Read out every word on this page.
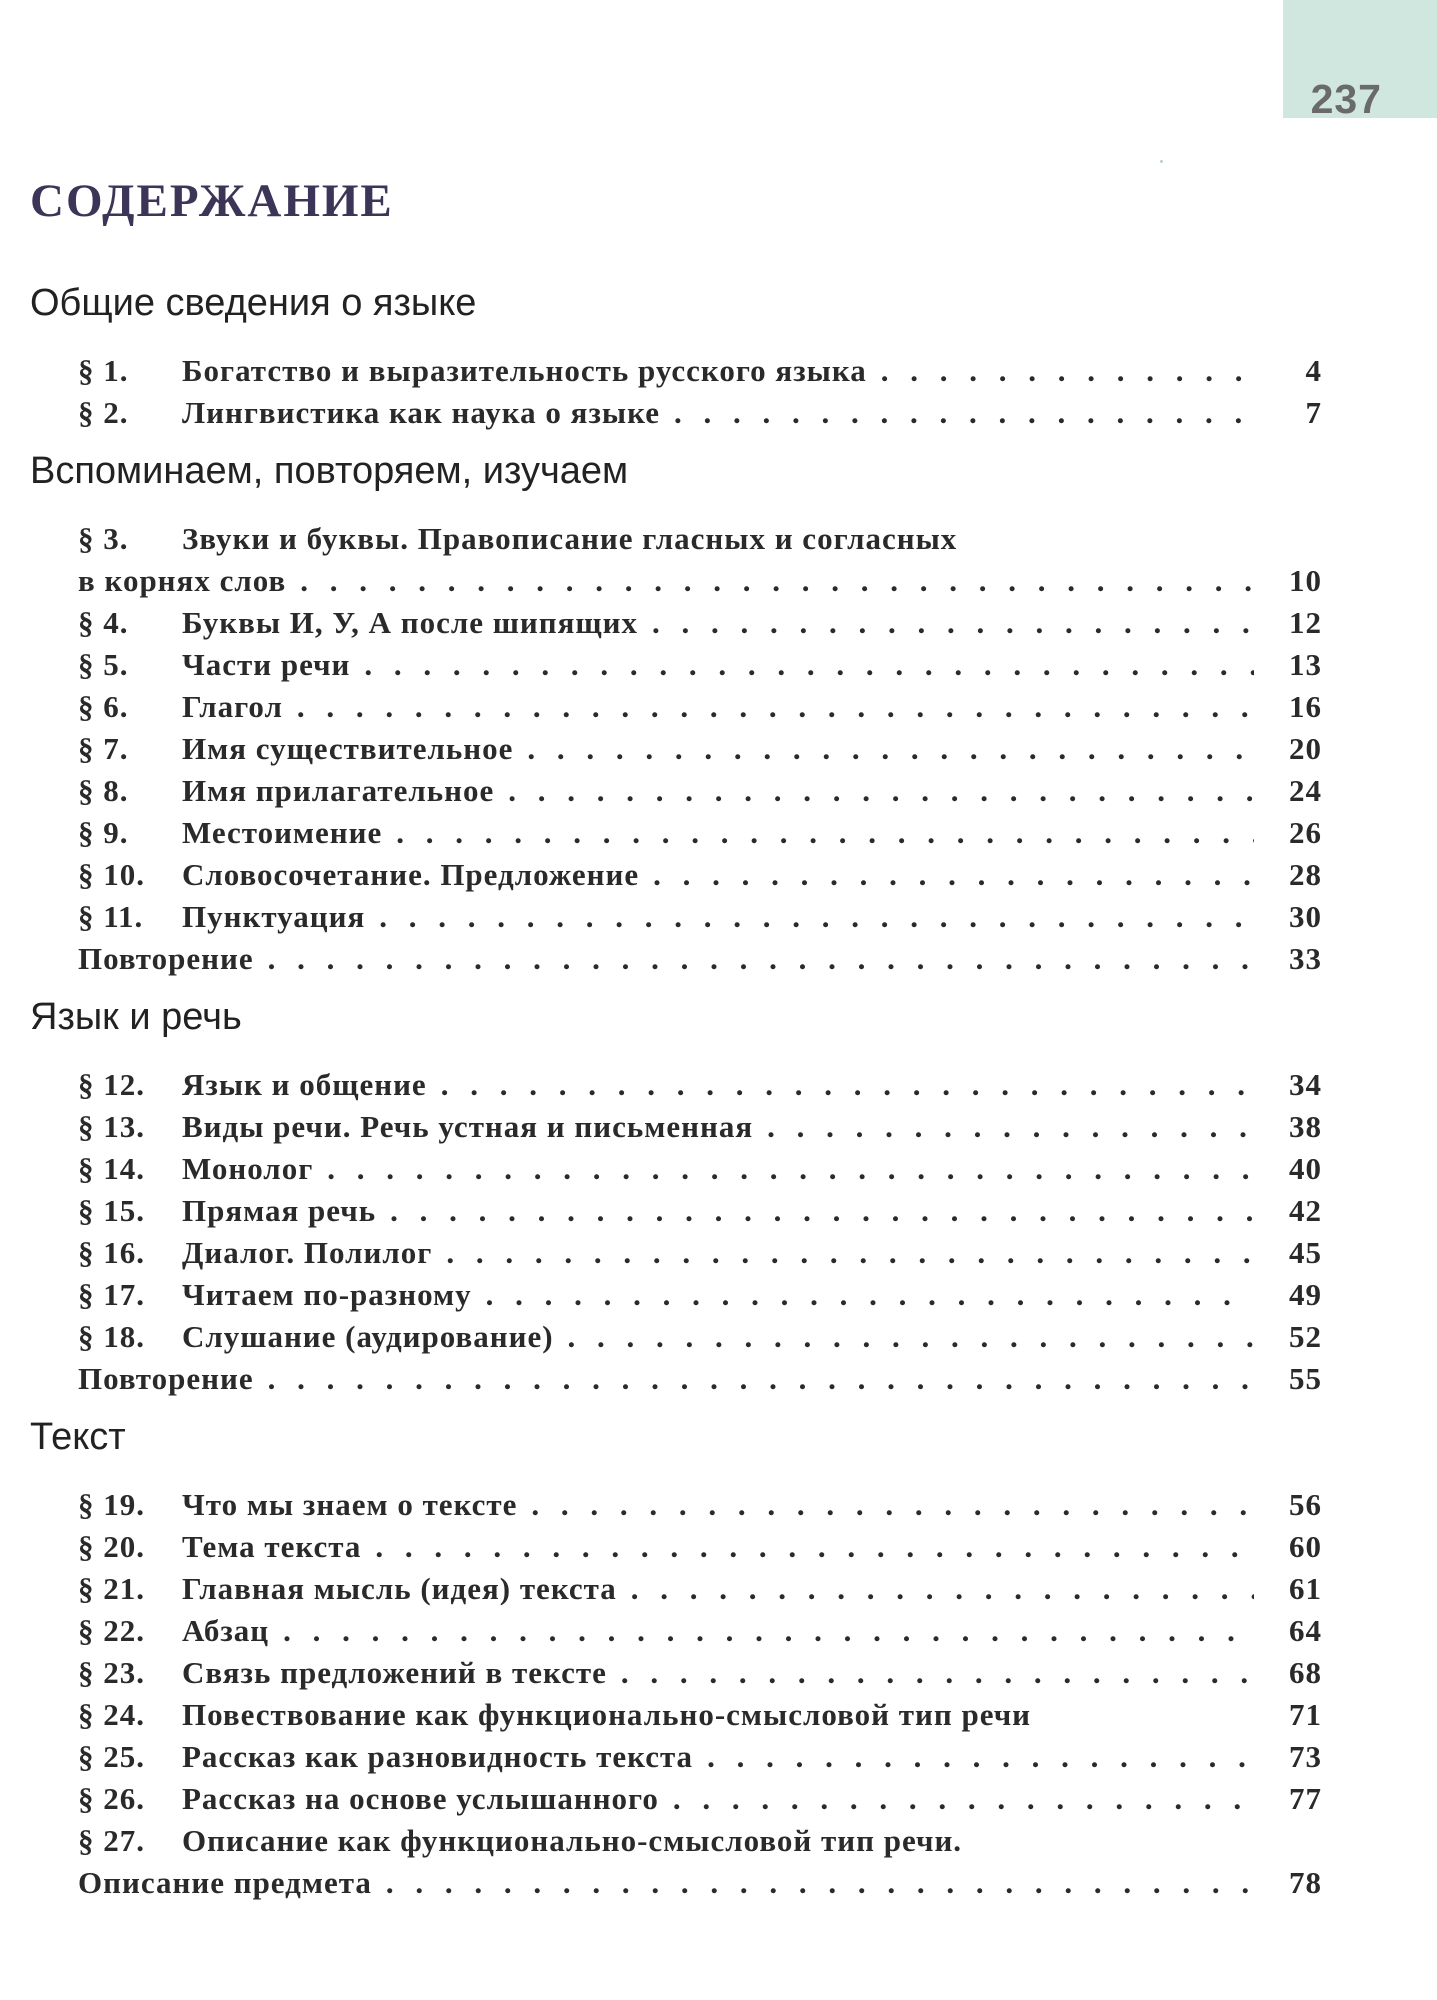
237
СОДЕРЖАНИЕ
Общие сведения о языке
§ 1.	Богатство и выразительность русского языка . . .	4
§ 2.	Лингвистика как наука о языке . . .	7
Вспоминаем, повторяем, изучаем
§ 3.	Звуки и буквы. Правописание гласных и согласных
в корнях слов . . .	10
§ 4.	Буквы И, У, А после шипящих . . .	12
§ 5.	Части речи . . .	13
§ 6.	Глагол . . .	16
§ 7.	Имя существительное . . .	20
§ 8.	Имя прилагательное . . .	24
§ 9.	Местоимение . . .	26
§ 10.	Словосочетание. Предложение . . .	28
§ 11.	Пунктуация . . .	30
Повторение . . .	33
Язык и речь
§ 12.	Язык и общение . . .	34
§ 13.	Виды речи. Речь устная и письменная . . .	38
§ 14.	Монолог . . .	40
§ 15.	Прямая речь . . .	42
§ 16.	Диалог. Полилог . . .	45
§ 17.	Читаем по-разному . . .	49
§ 18.	Слушание (аудирование) . . .	52
Повторение . . .	55
Текст
§ 19.	Что мы знаем о тексте . . .	56
§ 20.	Тема текста . . .	60
§ 21.	Главная мысль (идея) текста . . .	61
§ 22.	Абзац . . .	64
§ 23.	Связь предложений в тексте . . .	68
§ 24.	Повествование как функционально-смысловой тип речи	71
§ 25.	Рассказ как разновидность текста . . .	73
§ 26.	Рассказ на основе услышанного . . .	77
§ 27.	Описание как функционально-смысловой тип речи.
Описание предмета . . .	78
